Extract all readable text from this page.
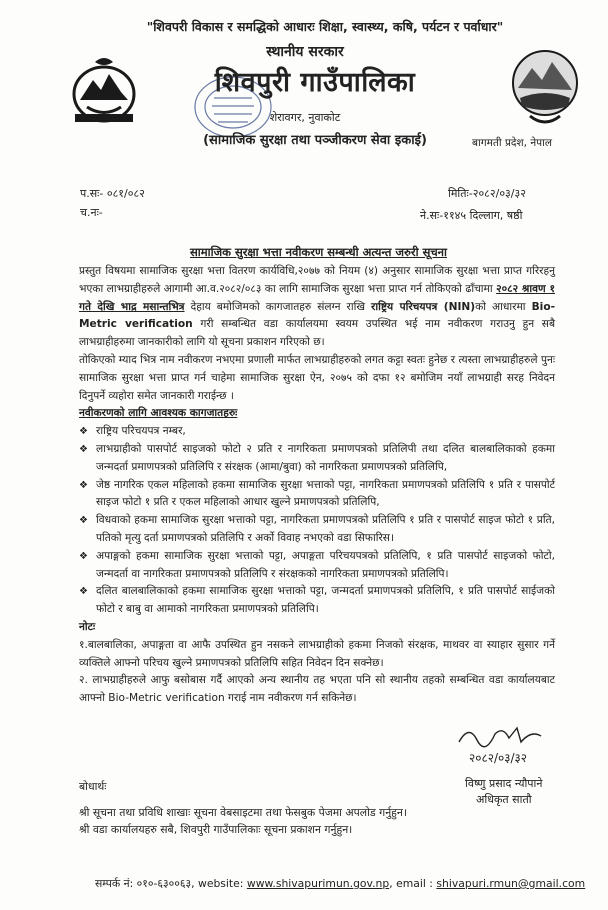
"शिवपरी विकास र समद्धिको आधारः शिक्षा, स्वास्थ्य, कषि, पर्यटन र पर्वाधार"
स्थानीय सरकार
शिवपुरी गाउँपालिका
शेरावगर, नुवाकोट
(सामाजिक सुरक्षा तथा पञ्जीकरण सेवा इकाई)	बागमती प्रदेश, नेपाल
प.सः- ०८१/०८२
च.नः-
मितिः-२०८२/०३/३२
ने.सः-११४५ दिल्लाग, षष्ठी
सामाजिक सुरक्षा भत्ता नवीकरण सम्बन्धी अत्यन्त जरुरी सूचना

प्रस्तुत विषयमा सामाजिक सुरक्षा भत्ता वितरण कार्यविधि,२०७७ को नियम (४) अनुसार सामाजिक सुरक्षा भत्ता प्राप्त गरिरहनु भएका लाभग्राहीहरुले आगामी आ.व.२०८२/०८३ का लागि सामाजिक सुरक्षा भत्ता प्राप्त गर्न तोकिएको ढाँचामा २०८२ श्रावण १ गते देखि भाद्र मसान्तभित्र देहाय बमोजिमको कागजातहरु संलग्न राखि राष्ट्रिय परिचयपत्र (NIN)को आधारमा Bio-Metric verification गरी सम्बन्धित वडा कार्यालयमा स्वयम उपस्थित भई नाम नवीकरण गराउनु हुन सबै लाभग्राहीहरुमा जानकारीको लागि यो सूचना प्रकाशन गरिएको छ।

तोकिएको म्याद भित्र नाम नवीकरण नभएमा प्रणाली मार्फत लाभग्राहीहरुको लगत कट्टा स्वतः हुनेछ र त्यस्ता लाभग्राहीहरुले पुनः सामाजिक सुरक्षा भत्ता प्राप्त गर्न चाहेमा सामाजिक सुरक्षा ऐन, २०७५ को दफा १२ बमोजिम नयाँ लाभग्राही सरह निवेदन दिनुपर्ने व्यहोरा समेत जानकारी गराईन्छ ।

नवीकरणको लागि आवश्यक कागजातहरुः
❖ राष्ट्रिय परिचयपत्र नम्बर,
❖ लाभग्राहीको पासपोर्ट साइजको फोटो २ प्रति र नागरिकता प्रमाणपत्रको प्रतिलिपी तथा दलित बालबालिकाको हकमा जन्मदर्ता प्रमाणपत्रको प्रतिलिपि र संरक्षक (आमा/बुवा) को नागरिकता प्रमाणपत्रको प्रतिलिपि,
❖ जेष्ठ नागरिक एकल महिलाको हकमा सामाजिक सुरक्षा भत्ताको पट्टा, नागरिकता प्रमाणपत्रको प्रतिलिपि १ प्रति र पासपोर्ट साइज फोटो १ प्रति र एकल महिलाको आधार खुल्ने प्रमाणपत्रको प्रतिलिपि,
❖ विधवाको हकमा सामाजिक सुरक्षा भत्ताको पट्टा, नागरिकता प्रमाणपत्रको प्रतिलिपि १ प्रति र पासपोर्ट साइज फोटो १ प्रति, पतिको मृत्यु दर्ता प्रमाणपत्रको प्रतिलिपि र अर्को विवाह नभएको वडा सिफारिस।
❖ अपाङ्गको हकमा सामाजिक सुरक्षा भत्ताको पट्टा, अपाङ्गता परिचयपत्रको प्रतिलिपि, १ प्रति पासपोर्ट साइजको फोटो, जन्मदर्ता वा नागरिकता प्रमाणपत्रको प्रतिलिपि र संरक्षकको नागरिकता प्रमाणपत्रको प्रतिलिपि।
❖ दलित बालबालिकाको हकमा सामाजिक सुरक्षा भत्ताको पट्टा, जन्मदर्ता प्रमाणपत्रको प्रतिलिपि, १ प्रति पासपोर्ट साईजको फोटो र बाबु वा आमाको नागरिकता प्रमाणपत्रको प्रतिलिपि।
नोटः

१.बालबालिका, अपाङ्गता वा आफै उपस्थित हुन नसकने लाभग्राहीको हकमा निजको संरक्षक, माथवर वा स्याहार सुसार गर्ने व्यक्तिले आफ्नो परिचय खुल्ने प्रमाणपत्रको प्रतिलिपि सहित निवेदन दिन सक्नेछ।

२. लाभग्राहीहरुले आफु बसोबास गर्दै आएको अन्य स्थानीय तह भएता पनि सो स्थानीय तहको सम्बन्धित वडा कार्यालयबाट आफ्नो Bio-Metric verification गराई नाम नवीकरण गर्न सकिनेछ।

२०८२/०३/३२
विष्णु प्रसाद न्यौपाने
अधिकृत सातौ

बोधार्थः

श्री सूचना तथा प्रविधि शाखाः सूचना वेबसाइटमा तथा फेसबुक पेजमा अपलोड गर्नुहुन।

श्री वडा कार्यालयहरु सबै, शिवपुरी गाउँपालिकाः सूचना प्रकाशन गर्नुहुन।

सम्पर्क नं: ०१०-६३००६३, website: www.shivapurimun.gov.np, email : shivapuri.rmun@gmail.com
